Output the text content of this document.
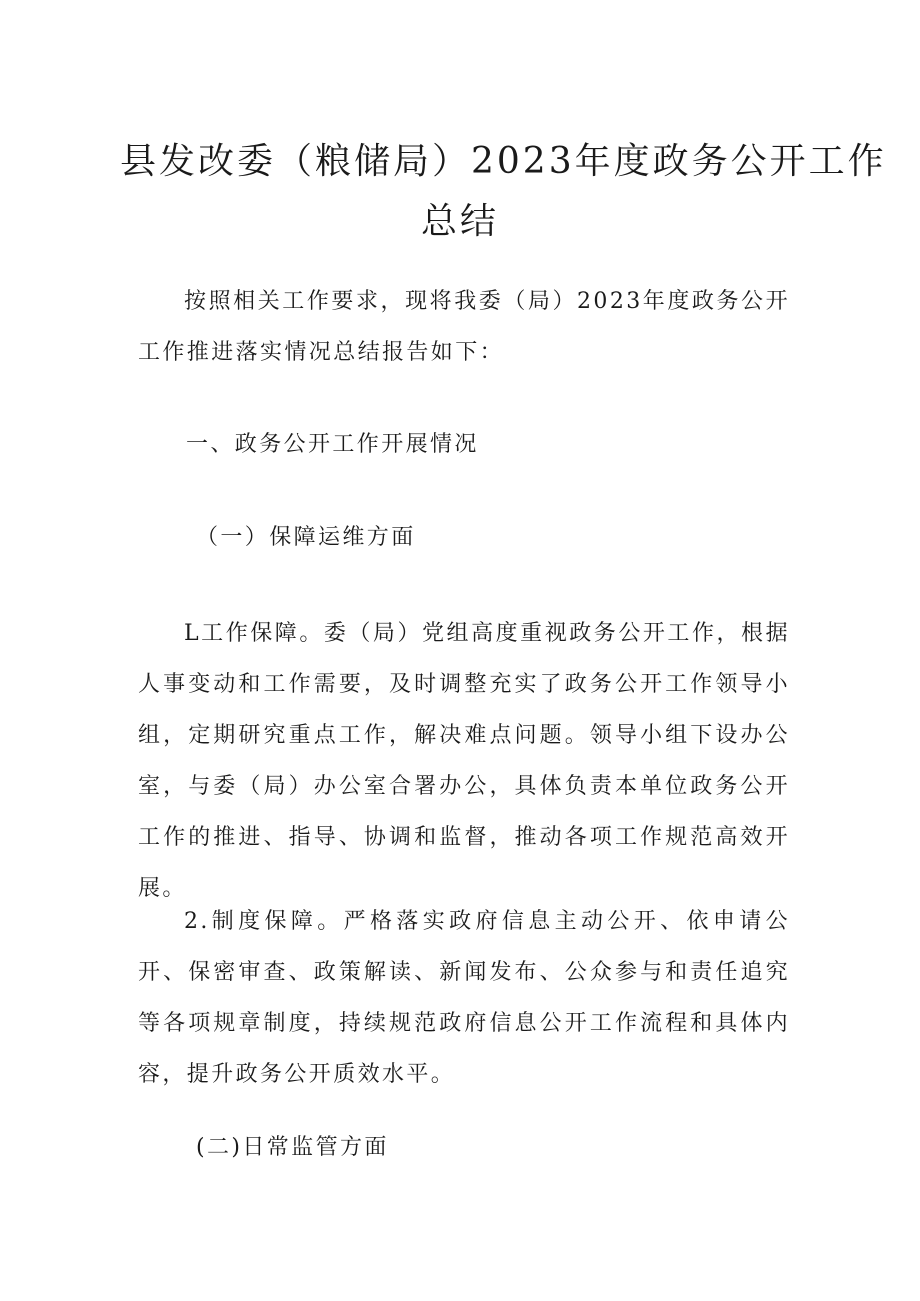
县发改委（粮储局）2023年度政务公开工作
总结

按照相关工作要求，现将我委（局）2023年度政务公开工作推进落实情况总结报告如下：

一、政务公开工作开展情况

（一）保障运维方面

L工作保障。委（局）党组高度重视政务公开工作，根据人事变动和工作需要，及时调整充实了政务公开工作领导小组，定期研究重点工作，解决难点问题。领导小组下设办公室，与委（局）办公室合署办公，具体负责本单位政务公开工作的推进、指导、协调和监督，推动各项工作规范高效开展。

2.制度保障。严格落实政府信息主动公开、依申请公开、保密审查、政策解读、新闻发布、公众参与和责任追究等各项规章制度，持续规范政府信息公开工作流程和具体内容，提升政务公开质效水平。

(二)日常监管方面
